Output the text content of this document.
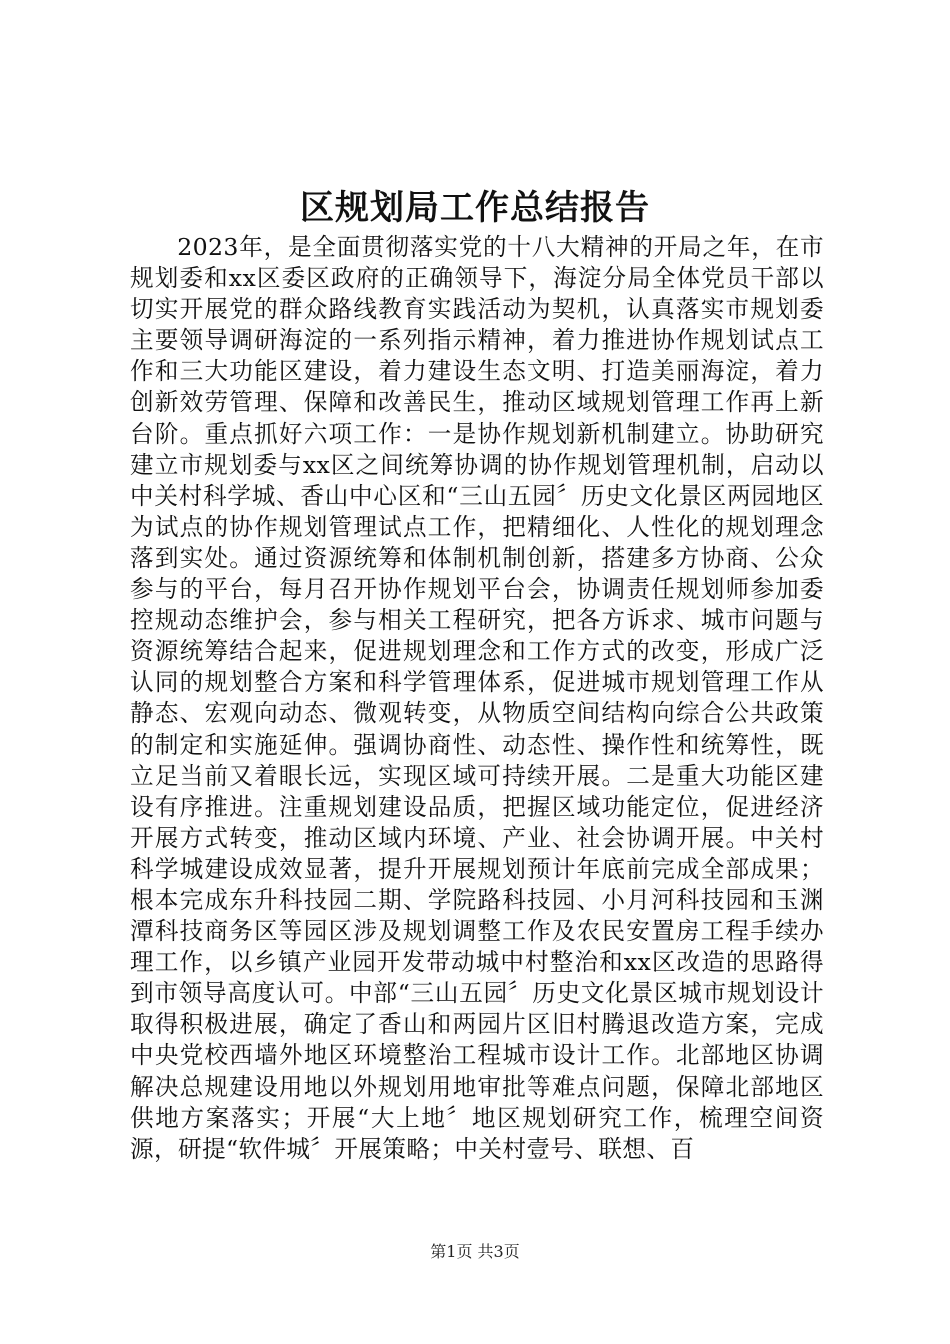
区规划局工作总结报告

2023年，是全面贯彻落实党的十八大精神的开局之年，在市规划委和xx区委区政府的正确领导下，海淀分局全体党员干部以切实开展党的群众路线教育实践活动为契机，认真落实市规划委主要领导调研海淀的一系列指示精神，着力推进协作规划试点工作和三大功能区建设，着力建设生态文明、打造美丽海淀，着力创新效劳管理、保障和改善民生，推动区域规划管理工作再上新台阶。重点抓好六项工作：一是协作规划新机制建立。协助研究建立市规划委与xx区之间统筹协调的协作规划管理机制，启动以中关村科学城、香山中心区和“三山五园〞历史文化景区两园地区为试点的协作规划管理试点工作，把精细化、人性化的规划理念落到实处。通过资源统筹和体制机制创新，搭建多方协商、公众参与的平台，每月召开协作规划平台会，协调责任规划师参加委控规动态维护会，参与相关工程研究，把各方诉求、城市问题与资源统筹结合起来，促进规划理念和工作方式的改变，形成广泛认同的规划整合方案和科学管理体系，促进城市规划管理工作从静态、宏观向动态、微观转变，从物质空间结构向综合公共政策的制定和实施延伸。强调协商性、动态性、操作性和统筹性，既立足当前又着眼长远，实现区域可持续开展。二是重大功能区建设有序推进。注重规划建设品质，把握区域功能定位，促进经济开展方式转变，推动区域内环境、产业、社会协调开展。中关村科学城建设成效显著，提升开展规划预计年底前完成全部成果；根本完成东升科技园二期、学院路科技园、小月河科技园和玉渊潭科技商务区等园区涉及规划调整工作及农民安置房工程手续办理工作，以乡镇产业园开发带动城中村整治和xx区改造的思路得到市领导高度认可。中部“三山五园〞历史文化景区城市规划设计取得积极进展，确定了香山和两园片区旧村腾退改造方案，完成中央党校西墙外地区环境整治工程城市设计工作。北部地区协调解决总规建设用地以外规划用地审批等难点问题，保障北部地区供地方案落实；开展“大上地〞地区规划研究工作，梳理空间资源，研提“软件城〞开展策略；中关村壹号、联想、百

第1页 共3页
